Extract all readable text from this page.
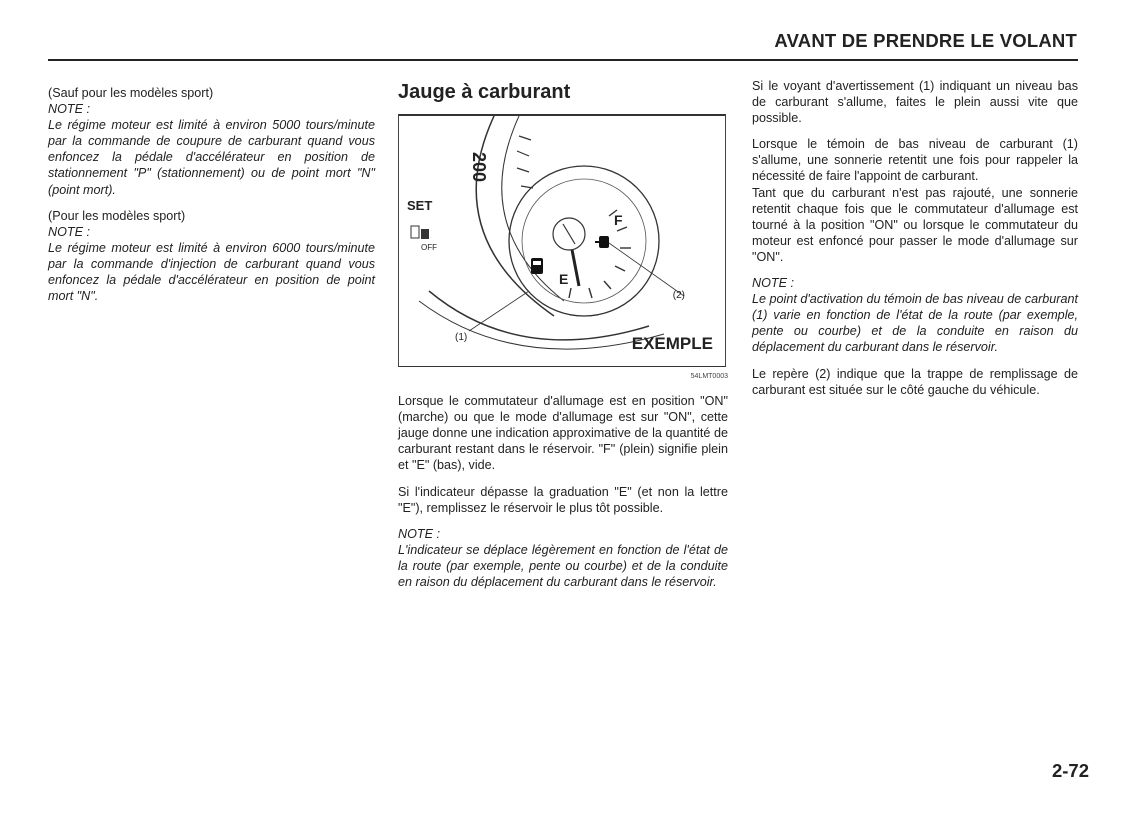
AVANT DE PRENDRE LE VOLANT

(Sauf pour les modèles sport)

NOTE :

Le régime moteur est limité à environ 5000 tours/minute par la commande de coupure de carburant quand vous enfoncez la pédale d'accélérateur en position de stationnement "P" (stationnement) ou de point mort "N" (point mort).

(Pour les modèles sport)

NOTE :

Le régime moteur est limité à environ 6000 tours/minute par la commande d'injection de carburant quand vous enfoncez la pédale d'accélérateur en position de point mort "N".

Jauge à carburant
SET
OFF
200
F
E
(1)
(2)
EXEMPLE
54LMT0003

Lorsque le commutateur d'allumage est en position "ON" (marche) ou que le mode d'allumage est sur "ON", cette jauge donne une indication approximative de la quantité de carburant restant dans le réservoir. "F" (plein) signifie plein et "E" (bas), vide.

Si l'indicateur dépasse la graduation "E" (et non la lettre "E"), remplissez le réservoir le plus tôt possible.

NOTE :

L'indicateur se déplace légèrement en fonction de l'état de la route (par exemple, pente ou courbe) et de la conduite en raison du déplacement du carburant dans le réservoir.

Si le voyant d'avertissement (1) indiquant un niveau bas de carburant s'allume, faites le plein aussi vite que possible.

Lorsque le témoin de bas niveau de carburant (1) s'allume, une sonnerie retentit une fois pour rappeler la nécessité de faire l'appoint de carburant.

Tant que du carburant n'est pas rajouté, une sonnerie retentit chaque fois que le commutateur d'allumage est tourné à la position "ON" ou lorsque le commutateur du moteur est enfoncé pour passer le mode d'allumage sur "ON".

NOTE :

Le point d'activation du témoin de bas niveau de carburant (1) varie en fonction de l'état de la route (par exemple, pente ou courbe) et de la conduite en raison du déplacement du carburant dans le réservoir.

Le repère (2) indique que la trappe de remplissage de carburant est située sur le côté gauche du véhicule.

2-72
